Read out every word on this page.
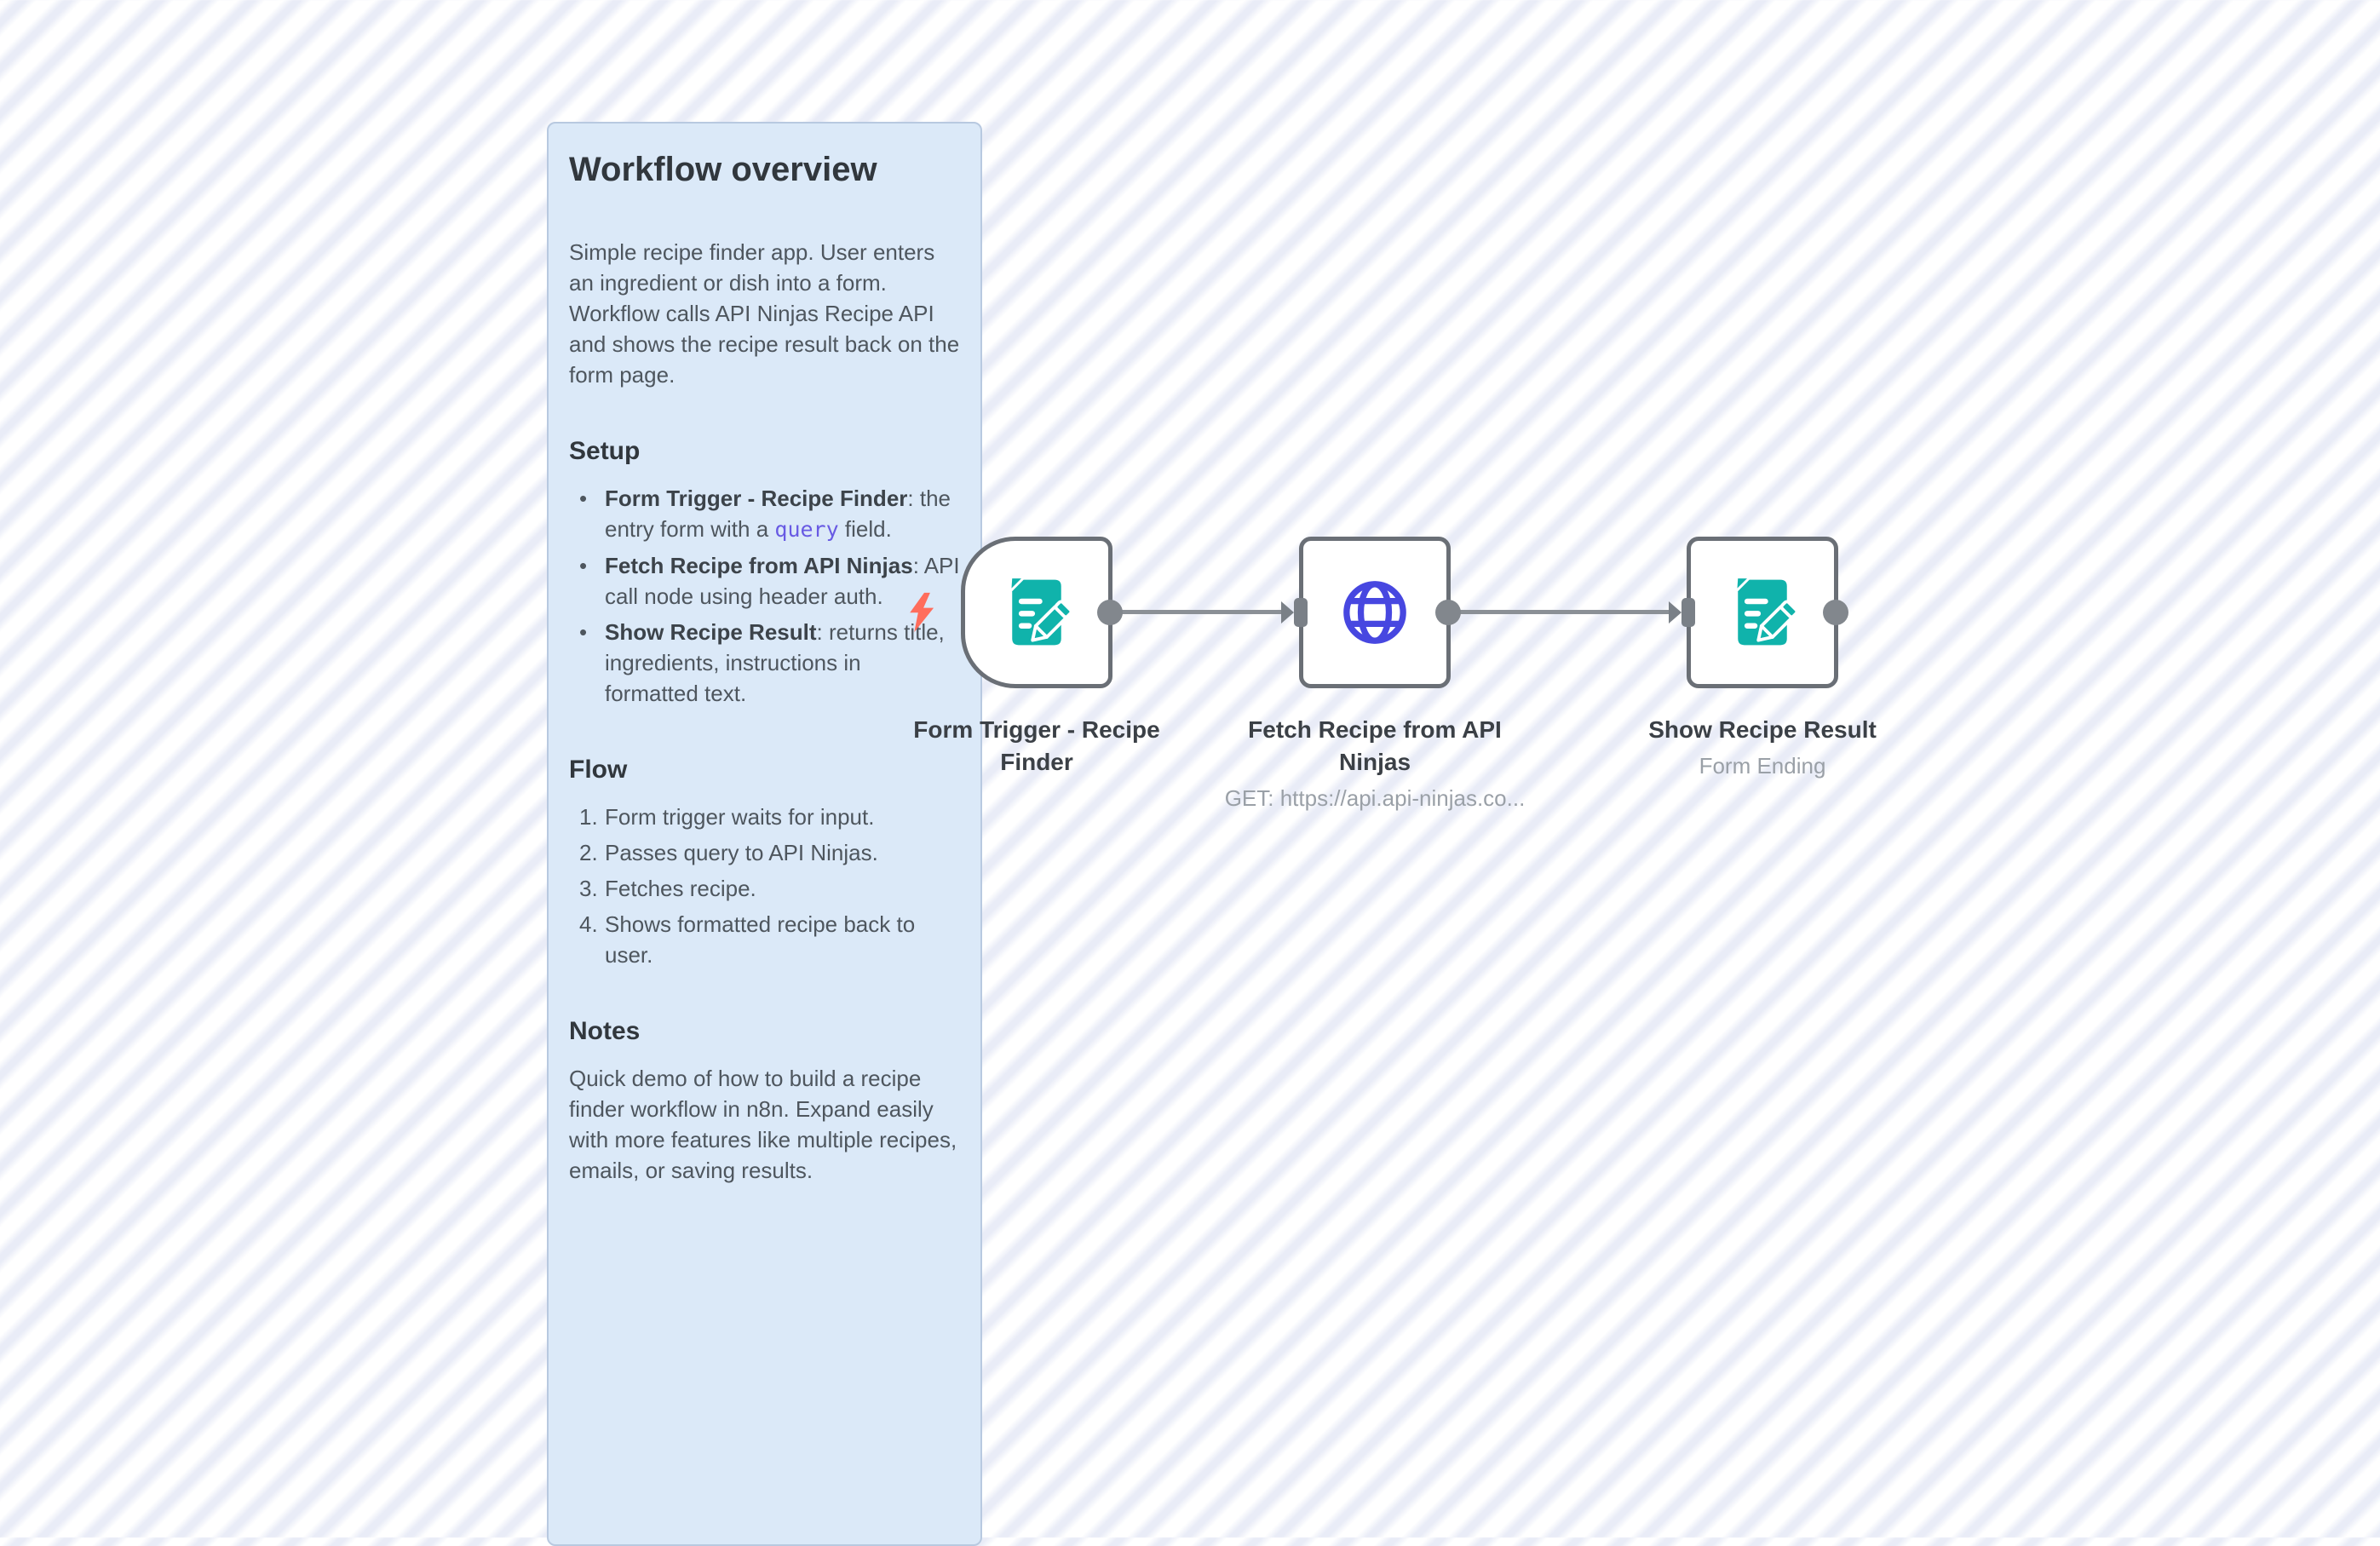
Workflow overview

Simple recipe finder app. User enters an ingredient or dish into a form. Workflow calls API Ninjas Recipe API and shows the recipe result back on the form page.

Setup
• Form Trigger - Recipe Finder: the entry form with a query field.
• Fetch Recipe from API Ninjas: API call node using header auth.
• Show Recipe Result: returns title, ingredients, instructions in formatted text.
Flow
1. Form trigger waits for input.
2. Passes query to API Ninjas.
3. Fetches recipe.
4. Shows formatted recipe back to user.
Notes

Quick demo of how to build a recipe finder workflow in n8n. Expand easily with more features like multiple recipes, emails, or saving results.

Form Trigger - Recipe Finder
Fetch Recipe from API Ninjas
GET: https://api.api-ninjas.co...
Show Recipe Result
Form Ending
